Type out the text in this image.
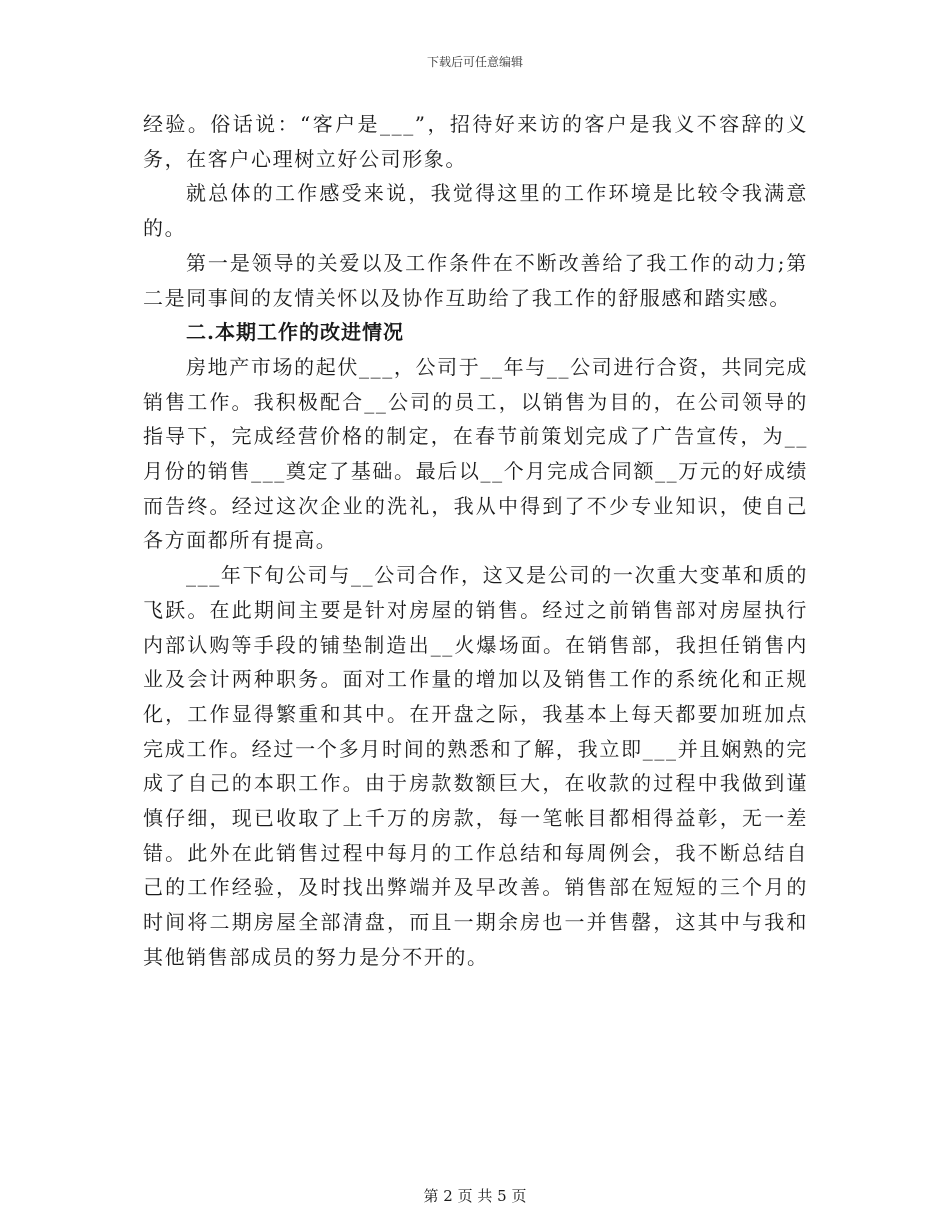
下载后可任意编辑

经验。俗话说：“客户是___”，招待好来访的客户是我义不容辞的义务，在客户心理树立好公司形象。

就总体的工作感受来说，我觉得这里的工作环境是比较令我满意的。

第一是领导的关爱以及工作条件在不断改善给了我工作的动力;第二是同事间的友情关怀以及协作互助给了我工作的舒服感和踏实感。

二.本期工作的改进情况

房地产市场的起伏___，公司于__年与__公司进行合资，共同完成销售工作。我积极配合__公司的员工，以销售为目的，在公司领导的指导下，完成经营价格的制定，在春节前策划完成了广告宣传，为__月份的销售___奠定了基础。最后以__个月完成合同额__万元的好成绩而告终。经过这次企业的洗礼，我从中得到了不少专业知识，使自己各方面都所有提高。

___年下旬公司与__公司合作，这又是公司的一次重大变革和质的飞跃。在此期间主要是针对房屋的销售。经过之前销售部对房屋执行内部认购等手段的铺垫制造出__火爆场面。在销售部，我担任销售内业及会计两种职务。面对工作量的增加以及销售工作的系统化和正规化，工作显得繁重和其中。在开盘之际，我基本上每天都要加班加点完成工作。经过一个多月时间的熟悉和了解，我立即___并且娴熟的完成了自己的本职工作。由于房款数额巨大，在收款的过程中我做到谨慎仔细，现已收取了上千万的房款，每一笔帐目都相得益彰，无一差错。此外在此销售过程中每月的工作总结和每周例会，我不断总结自己的工作经验，及时找出弊端并及早改善。销售部在短短的三个月的时间将二期房屋全部清盘，而且一期余房也一并售罄，这其中与我和其他销售部成员的努力是分不开的。

第 2 页 共 5 页
